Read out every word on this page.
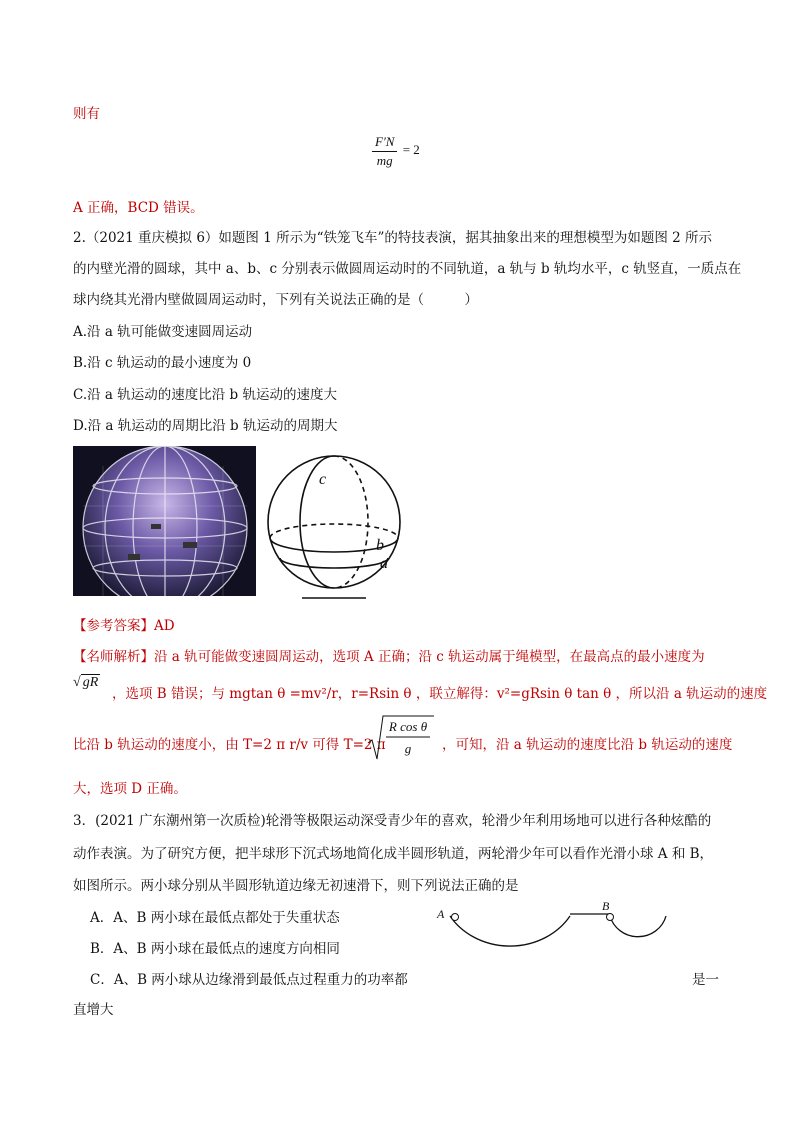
则有
$\frac{F'N}{mg} = 2$
A 正确，BCD 错误。
2.（2021 重庆模拟 6）如题图 1 所示为“铁笼飞车”的特技表演，据其抽象出来的理想模型为如题图 2 所示
的内壁光滑的圆球，其中 a、b、c 分别表示做圆周运动时的不同轨道，a 轨与 b 轨均水平，c 轨竖直，一质点在
球内绕其光滑内壁做圆周运动时，下列有关说法正确的是（　　　）
A.沿 a 轨可能做变速圆周运动
B.沿 c 轨运动的最小速度为 0
C.沿 a 轨运动的速度比沿 b 轨运动的速度大
D.沿 a 轨运动的周期比沿 b 轨运动的周期大
c
b
a
【参考答案】AD
【名师解析】沿 a 轨可能做变速圆周运动，选项 A 正确；沿 c 轨运动属于绳模型，在最高点的最小速度为
√ gR
，选项 B 错误；与 mgtan θ =mv²/r，r=Rsin θ ，联立解得：v²=gRsin θ tan θ ，所以沿 a 轨运动的速度
比沿 b 轨运动的速度小，由 T=2 π r/v 可得 T=2 π
R cos θ
g ，可知，沿 a 轨运动的速度比沿 b 轨运动的速度
大，选项 D 正确。
3．(2021 广东潮州第一次质检)轮滑等极限运动深受青少年的喜欢，轮滑少年利用场地可以进行各种炫酷的
动作表演。为了研究方便，把半球形下沉式场地简化成半圆形轨道，两轮滑少年可以看作光滑小球 A 和 B，
如图所示。两小球分别从半圆形轨道边缘无初速滑下，则下列说法正确的是
A．A、B 两小球在最低点都处于失重状态
B．A、B 两小球在最低点的速度方向相同
C．A、B 两小球从边缘滑到最低点过程重力的功率都	是一
直增大
A
B
